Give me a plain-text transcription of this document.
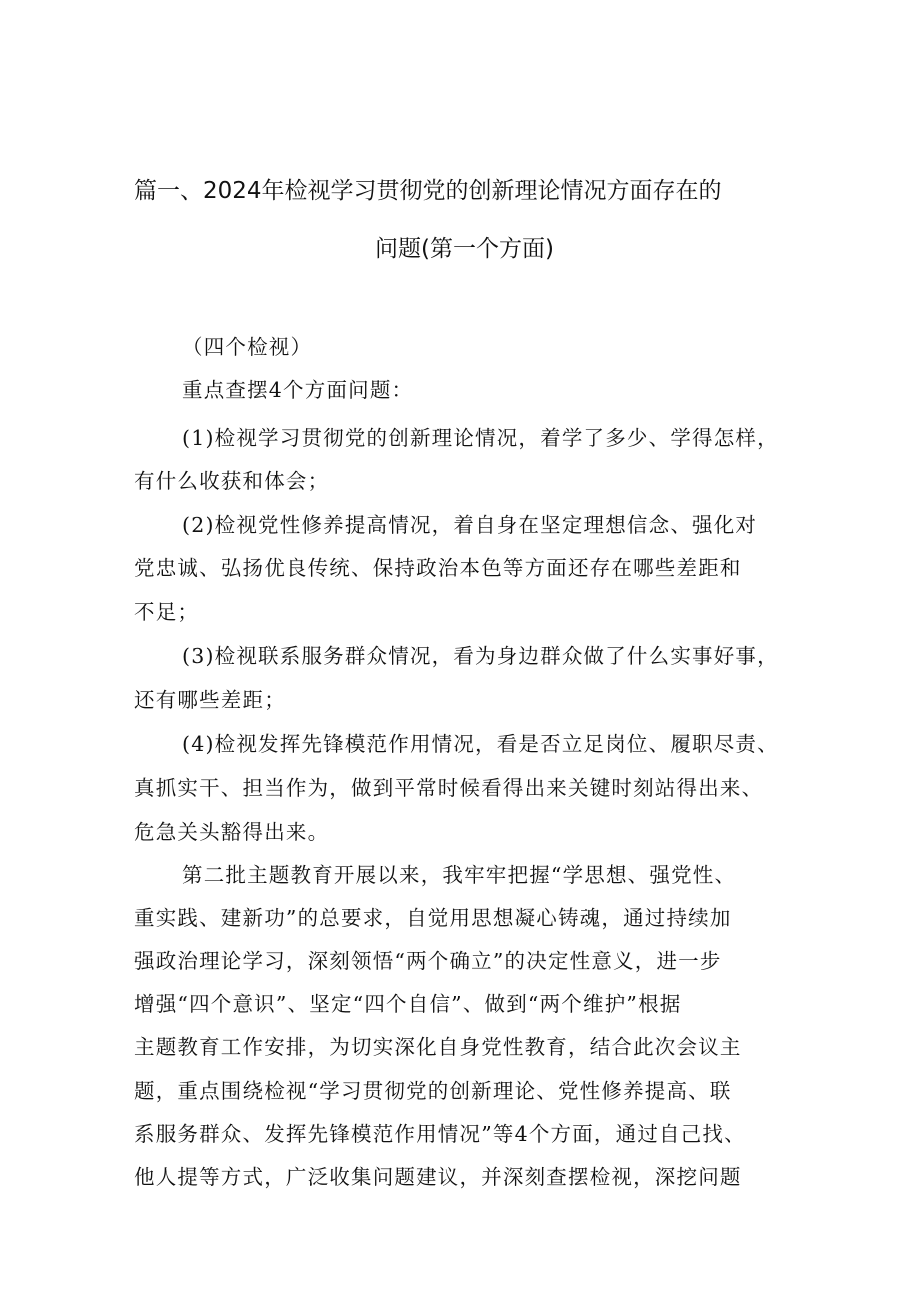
篇一、2024年检视学习贯彻党的创新理论情况方面存在的
问题(第一个方面)
（四个检视）
重点查摆4个方面问题：
(1)检视学习贯彻党的创新理论情况，着学了多少、学得怎样，
有什么收获和体会；
(2)检视党性修养提高情况，着自身在坚定理想信念、强化对
党忠诚、弘扬优良传统、保持政治本色等方面还存在哪些差距和
不足；
(3)检视联系服务群众情况，看为身边群众做了什么实事好事，
还有哪些差距；
(4)检视发挥先锋模范作用情况，看是否立足岗位、履职尽责、
真抓实干、担当作为，做到平常时候看得出来关键时刻站得出来、
危急关头豁得出来。
第二批主题教育开展以来，我牢牢把握“学思想、强党性、
重实践、建新功”的总要求，自觉用思想凝心铸魂，通过持续加
强政治理论学习，深刻领悟“两个确立”的决定性意义，进一步
增强“四个意识”、坚定“四个自信”、做到“两个维护”根据
主题教育工作安排，为切实深化自身党性教育，结合此次会议主
题，重点围绕检视“学习贯彻党的创新理论、党性修养提高、联
系服务群众、发挥先锋模范作用情况”等4个方面，通过自己找、
他人提等方式，广泛收集问题建议，并深刻查摆检视，深挖问题
